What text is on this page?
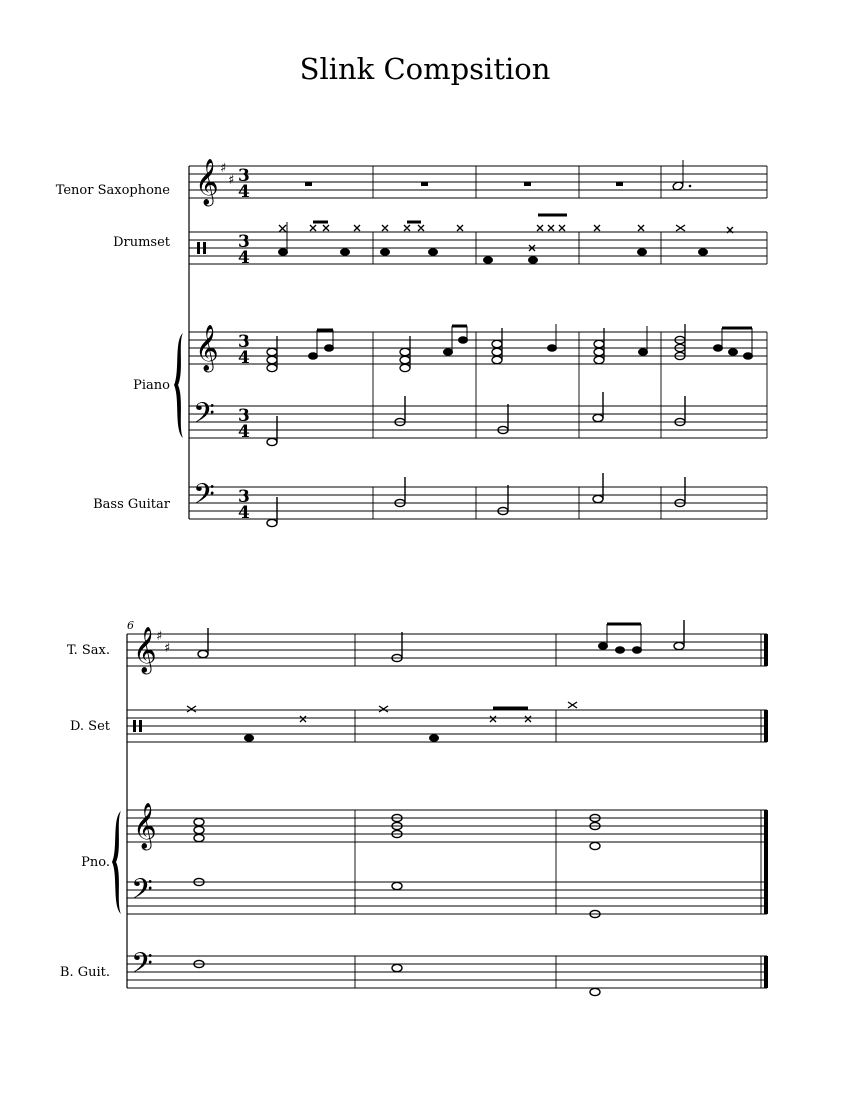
Slink Compsition
Tenor Saxophone
Drumset
Piano
Bass Guitar
T. Sax.
D. Set
Pno.
B. Guit.
6
𝄞
𝄞
𝄢
𝄢
♯
♯ 3
4
3
4
3
4
3
4
3
4
𝄞
𝄞
𝄢
𝄢
♯
♯
